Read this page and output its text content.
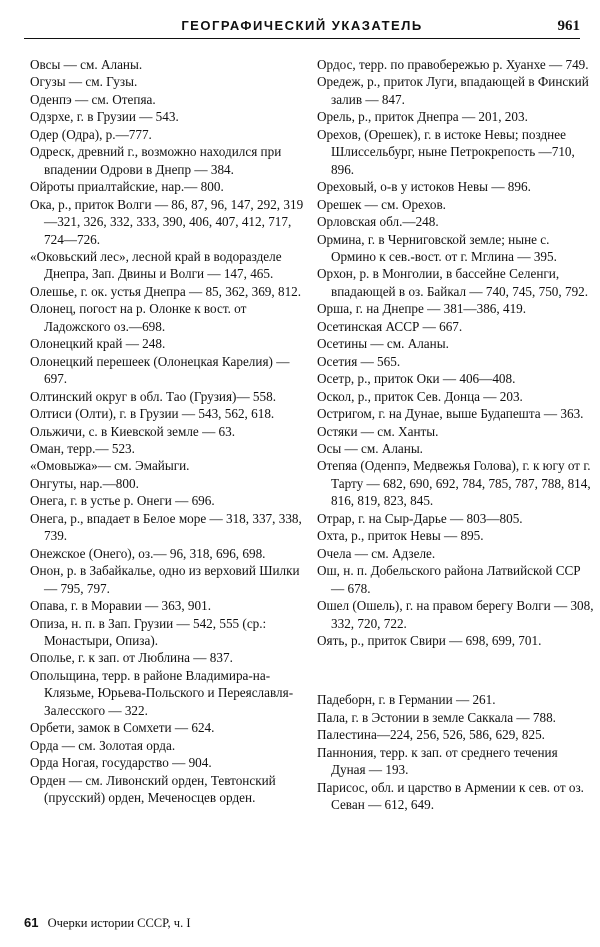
ГЕОГРАФИЧЕСКИЙ УКАЗАТЕЛЬ	961

Овсы — см. Аланы.

Огузы — см. Гузы.

Оденпэ — см. Отепяа.

Одзрхе, г. в Грузии — 543.

Одер (Одра), р.—777.

Одреск, древний г., возможно находился при впадении Одрови в Днепр — 384.

Ойроты приалтайские, нар.— 800.

Ока, р., приток Волги — 86, 87, 96, 147, 292, 319—321, 326, 332, 333, 390, 406, 407, 412, 717, 724—726.

«Оковьский лес», лесной край в водоразделе Днепра, Зап. Двины и Волги — 147, 465.

Олешье, г. ок. устья Днепра — 85, 362, 369, 812.

Олонец, погост на р. Олонке к вост. от Ладожского оз.—698.

Олонецкий край — 248.

Олонецкий перешеек (Олонецкая Карелия) — 697.

Олтинский округ в обл. Тао (Грузия)— 558.

Олтиси (Олти), г. в Грузии — 543, 562, 618.

Ольжичи, с. в Киевской земле — 63.

Оман, терр.— 523.

«Омовыжа»— см. Эмайыги.

Онгуты, нар.—800.

Онега, г. в устье р. Онеги — 696.

Онега, р., впадает в Белое море — 318, 337, 338, 739.

Онежское (Онего), оз.— 96, 318, 696, 698.

Онон, р. в Забайкалье, одно из верховий Шилки — 795, 797.

Опава, г. в Моравии — 363, 901.

Опиза, н. п. в Зап. Грузии — 542, 555 (ср.: Монастыри, Опиза).

Ополье, г. к зап. от Люблина — 837.

Опольщина, терр. в районе Владимира-на-Клязьме, Юрьева-Польского и Переяславля-Залесского — 322.

Орбети, замок в Сомхети — 624.

Орда — см. Золотая орда.

Орда Ногая, государство — 904.

Орден — см. Ливонский орден, Тевтонский (прусский) орден, Меченосцев орден.

Ордос, терр. по правобережью р. Хуанхе — 749.

Оредеж, р., приток Луги, впадающей в Финский залив — 847.

Орель, р., приток Днепра — 201, 203.

Орехов, (Орешек), г. в истоке Невы; позднее Шлиссельбург, ныне Петрокрепость —710, 896.

Ореховый, о-в у истоков Невы — 896.

Орешек — см. Орехов.

Орловская обл.—248.

Ормина, г. в Черниговской земле; ныне с. Ормино к сев.-вост. от г. Мглина — 395.

Орхон, р. в Монголии, в бассейне Селенги, впадающей в оз. Байкал — 740, 745, 750, 792.

Орша, г. на Днепре — 381—386, 419.

Осетинская АССР — 667.

Осетины — см. Аланы.

Осетия — 565.

Осетр, р., приток Оки — 406—408.

Оскол, р., приток Сев. Донца — 203.

Остригом, г. на Дунае, выше Будапешта — 363.

Остяки — см. Ханты.

Осы — см. Аланы.

Отепяа (Оденпэ, Медвежья Голова), г. к югу от г. Тарту — 682, 690, 692, 784, 785, 787, 788, 814, 816, 819, 823, 845.

Отрар, г. на Сыр-Дарье — 803—805.

Охта, р., приток Невы — 895.

Очела — см. Адзеле.

Ош, н. п. Добельского района Латвийской ССР — 678.

Ошел (Ошель), г. на правом берегу Волги — 308, 332, 720, 722.

Оять, р., приток Свири — 698, 699, 701.

Падеборн, г. в Германии — 261.

Пала, г. в Эстонии в земле Саккала — 788.

Палестина—224, 256, 526, 586, 629, 825.

Паннония, терр. к зап. от среднего течения Дуная — 193.

Парисос, обл. и царство в Армении к сев. от оз. Севан — 612, 649.

61 Очерки истории СССР, ч. I
